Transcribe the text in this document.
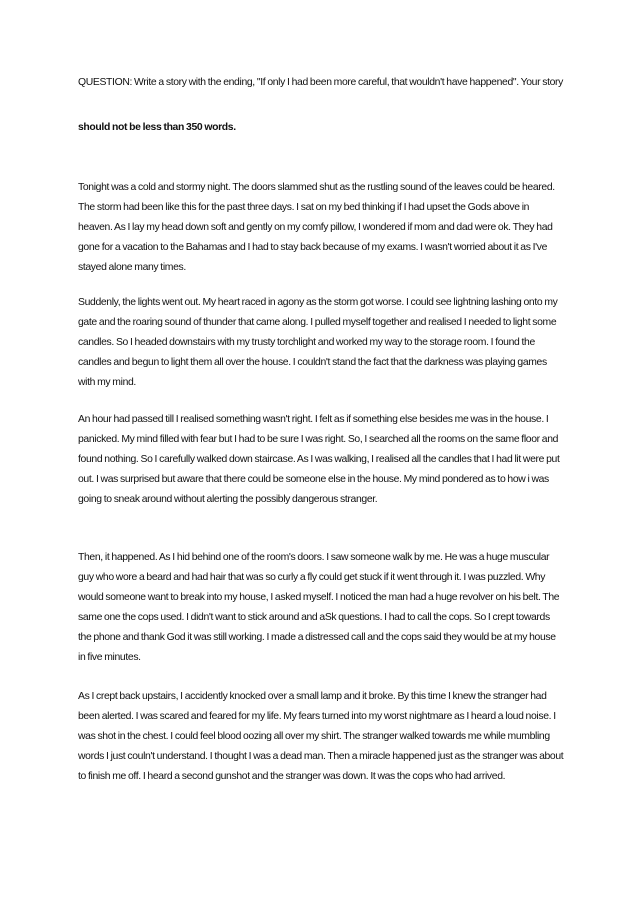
QUESTION: Write a story with the ending, "If only I had been more careful, that wouldn't have happened". Your story

should not be less than 350 words.

Tonight was a cold and stormy night. The doors slammed shut as the rustling sound of the leaves could be heared. The storm had been like this for the past three days. I sat on my bed thinking if I had upset the Gods above in heaven. As I lay my head down soft and gently on my comfy pillow, I wondered if mom and dad were ok. They had gone for a vacation to the Bahamas and I had to stay back because of my exams. I wasn't worried about it as I've stayed alone many times.

Suddenly, the lights went out. My heart raced in agony as the storm got worse. I could see lightning lashing onto my gate and the roaring sound of thunder that came along. I pulled myself together and realised I needed to light some candles. So I headed downstairs with my trusty torchlight and worked my way to the storage room. I found the candles and begun to light them all over the house. I couldn't stand the fact that the darkness was playing games with my mind.

An hour had passed till I realised something wasn't right. I felt as if something else besides me was in the house. I panicked. My mind filled with fear but I had to be sure I was right. So, I searched all the rooms on the same floor and found nothing. So I carefully walked down staircase. As I was walking, I realised all the candles that I had lit were put out. I was surprised but aware that there could be someone else in the house. My mind pondered as to how i was going to sneak around without alerting the possibly dangerous stranger.

Then, it happened. As I hid behind one of the room's doors. I saw someone walk by me. He was a huge muscular guy who wore a beard and had hair that was so curly a fly could get stuck if it went through it. I was puzzled. Why would someone want to break into my house, I asked myself. I noticed the man had a huge revolver on his belt. The same one the cops used. I didn't want to stick around and aSk questions. I had to call the cops. So I crept towards the phone and thank God it was still working. I made a distressed call and the cops said they would be at my house in five minutes.

As I crept back upstairs, I accidently knocked over a small lamp and it broke. By this time I knew the stranger had been alerted. I was scared and feared for my life. My fears turned into my worst nightmare as I heard a loud noise. I was shot in the chest. I could feel blood oozing all over my shirt. The stranger walked towards me while mumbling words I just couln't understand. I thought I was a dead man. Then a miracle happened just as the stranger was about to finish me off. I heard a second gunshot and the stranger was down. It was the cops who had arrived.
